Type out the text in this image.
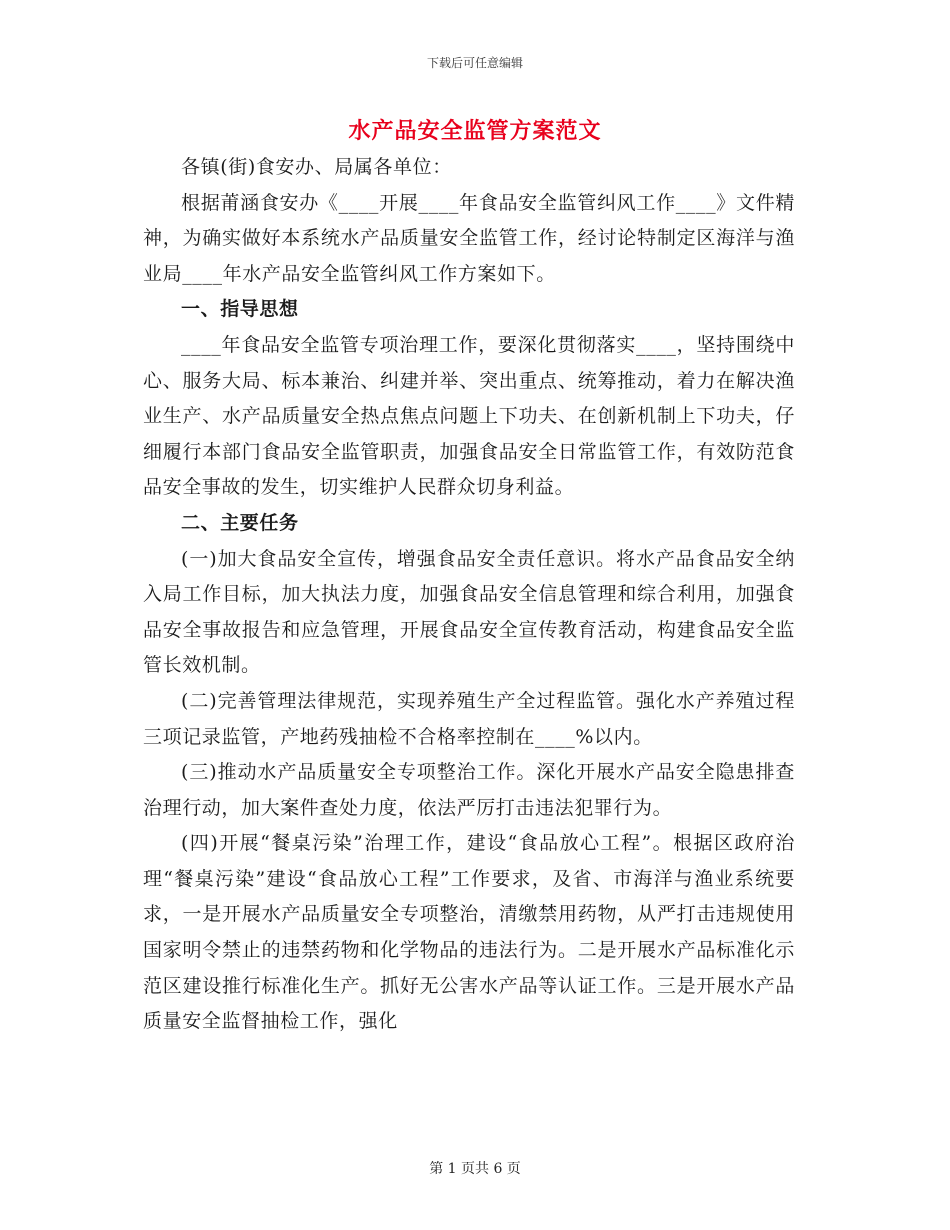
下载后可任意编辑
水产品安全监管方案范文

各镇(街)食安办、局属各单位：

根据莆涵食安办《____开展____年食品安全监管纠风工作____》文件精神，为确实做好本系统水产品质量安全监管工作，经讨论特制定区海洋与渔业局____年水产品安全监管纠风工作方案如下。

一、指导思想

____年食品安全监管专项治理工作，要深化贯彻落实____，坚持围绕中心、服务大局、标本兼治、纠建并举、突出重点、统筹推动，着力在解决渔业生产、水产品质量安全热点焦点问题上下功夫、在创新机制上下功夫，仔细履行本部门食品安全监管职责，加强食品安全日常监管工作，有效防范食品安全事故的发生，切实维护人民群众切身利益。

二、主要任务

(一)加大食品安全宣传，增强食品安全责任意识。将水产品食品安全纳入局工作目标，加大执法力度，加强食品安全信息管理和综合利用，加强食品安全事故报告和应急管理，开展食品安全宣传教育活动，构建食品安全监管长效机制。

(二)完善管理法律规范，实现养殖生产全过程监管。强化水产养殖过程三项记录监管，产地药残抽检不合格率控制在____%以内。

(三)推动水产品质量安全专项整治工作。深化开展水产品安全隐患排查治理行动，加大案件查处力度，依法严厉打击违法犯罪行为。

(四)开展“餐桌污染”治理工作，建设“食品放心工程”。根据区政府治理“餐桌污染”建设“食品放心工程”工作要求，及省、市海洋与渔业系统要求，一是开展水产品质量安全专项整治，清缴禁用药物，从严打击违规使用国家明令禁止的违禁药物和化学物品的违法行为。二是开展水产品标准化示范区建设推行标准化生产。抓好无公害水产品等认证工作。三是开展水产品质量安全监督抽检工作，强化

第 1 页共 6 页
